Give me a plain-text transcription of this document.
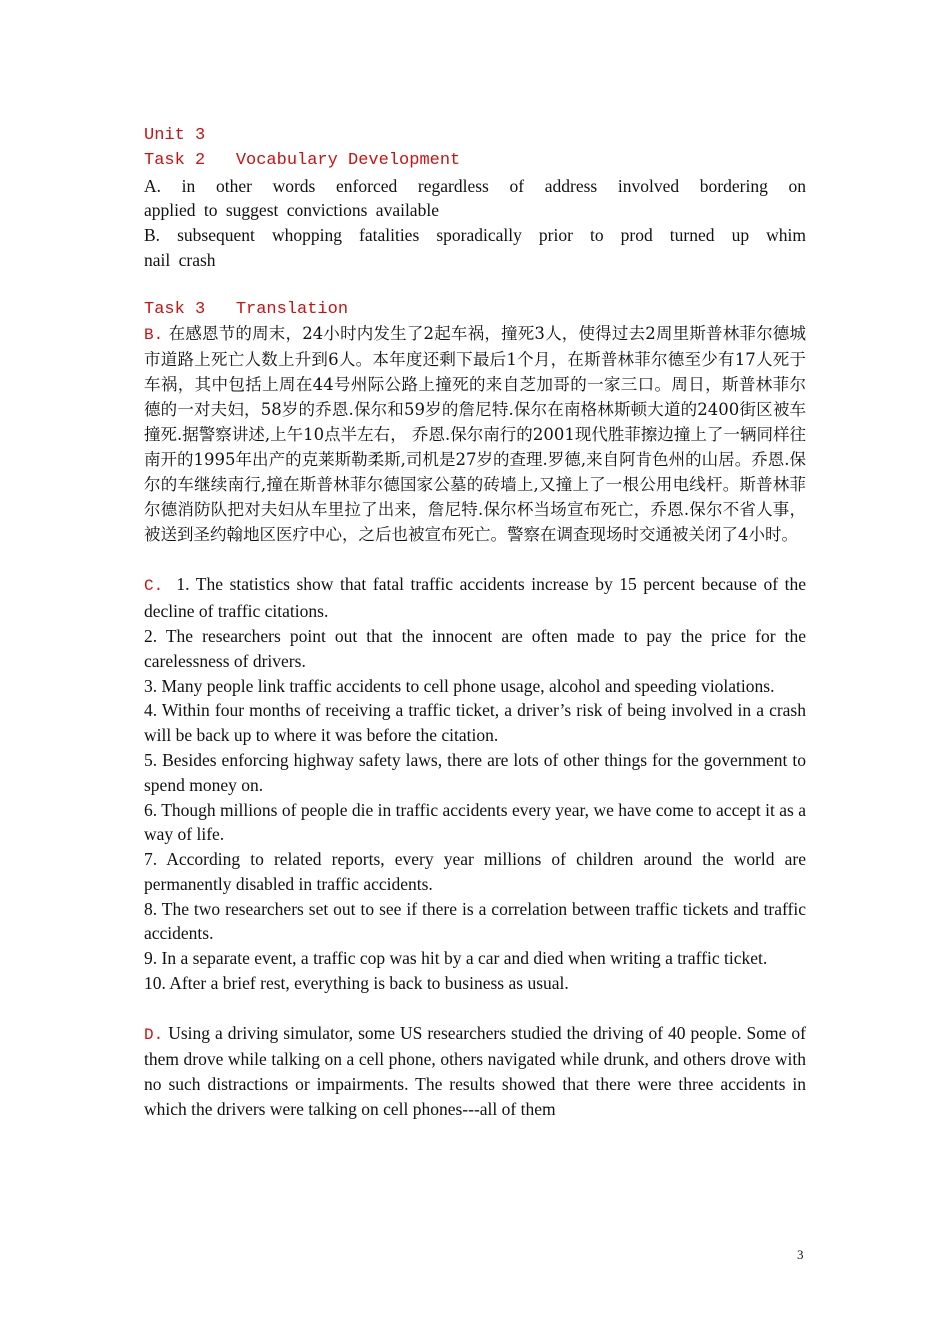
Unit 3
Task 2   Vocabulary Development

A. in other words enforced regardless of address involved bordering on

applied to suggest convictions available

B. subsequent whopping fatalities sporadically prior to prod turned up whim

nail crash

Task 3   Translation

B. 在感恩节的周末，24小时内发生了2起车祸，撞死3人，使得过去2周里斯普林菲尔德城市道路上死亡人数上升到6人。本年度还剩下最后1个月，在斯普林菲尔德至少有17人死于车祸，其中包括上周在44号州际公路上撞死的来自芝加哥的一家三口。周日，斯普林菲尔德的一对夫妇，58岁的乔恩.保尔和59岁的詹尼特.保尔在南格林斯顿大道的2400街区被车撞死.据警察讲述,上午10点半左右， 乔恩.保尔南行的2001现代胜菲擦边撞上了一辆同样往南开的1995年出产的克莱斯勒柔斯,司机是27岁的查理.罗德,来自阿肯色州的山居。乔恩.保尔的车继续南行,撞在斯普林菲尔德国家公墓的砖墙上,又撞上了一根公用电线杆。斯普林菲尔德消防队把对夫妇从车里拉了出来，詹尼特.保尔杯当场宣布死亡，乔恩.保尔不省人事，被送到圣约翰地区医疗中心，之后也被宣布死亡。警察在调查现场时交通被关闭了4小时。

C. 1. The statistics show that fatal traffic accidents increase by 15 percent because of the decline of traffic citations.

2. The researchers point out that the innocent are often made to pay the price for the carelessness of drivers.

3. Many people link traffic accidents to cell phone usage, alcohol and speeding violations.

4. Within four months of receiving a traffic ticket, a driver’s risk of being involved in a crash will be back up to where it was before the citation.

5. Besides enforcing highway safety laws, there are lots of other things for the government to spend money on.

6. Though millions of people die in traffic accidents every year, we have come to accept it as a way of life.

7. According to related reports, every year millions of children around the world are permanently disabled in traffic accidents.

8. The two researchers set out to see if there is a correlation between traffic tickets and traffic accidents.

9. In a separate event, a traffic cop was hit by a car and died when writing a traffic ticket.

10. After a brief rest, everything is back to business as usual.

D. Using a driving simulator, some US researchers studied the driving of 40 people. Some of them drove while talking on a cell phone, others navigated while drunk, and others drove with no such distractions or impairments. The results showed that there were three accidents in which the drivers were talking on cell phones---all of them

3
